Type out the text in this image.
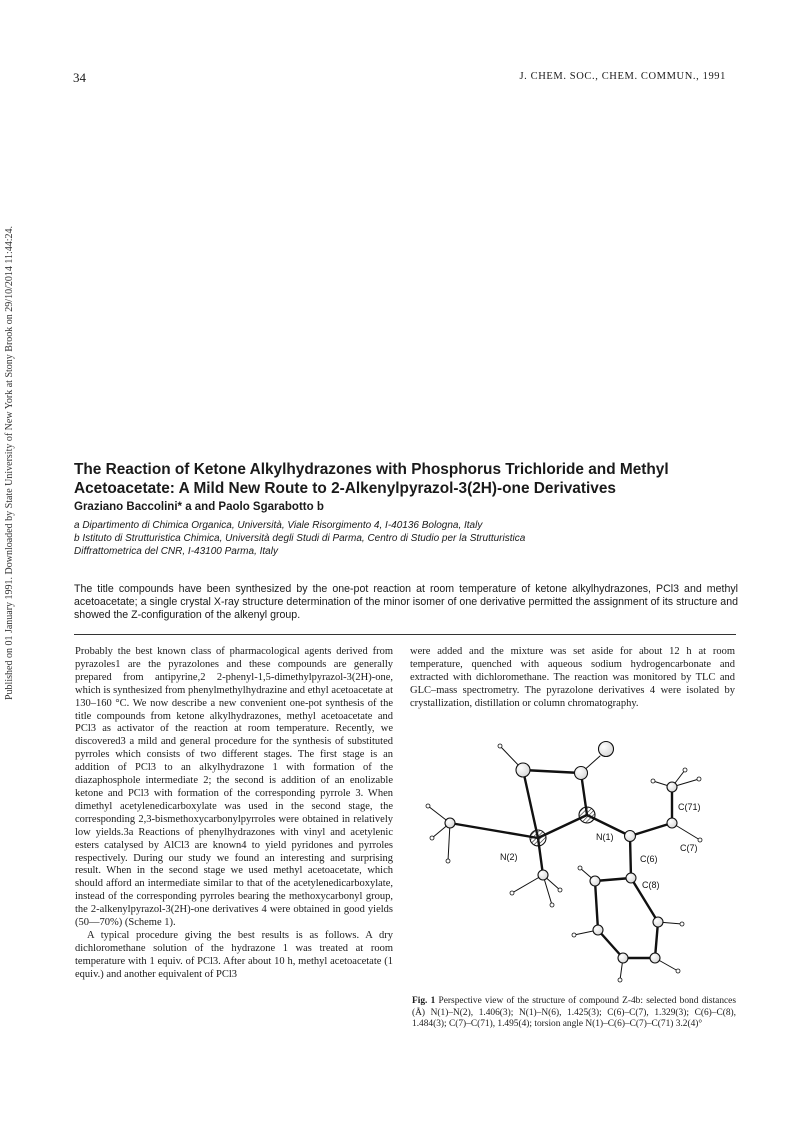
Published on 01 January 1991. Downloaded by State University of New York at Stony Brook on 29/10/2014 11:44:24.
34	J. CHEM. SOC., CHEM. COMMUN., 1991
The Reaction of Ketone Alkylhydrazones with Phosphorus Trichloride and Methyl Acetoacetate: A Mild New Route to 2-Alkenylpyrazol-3(2H)-one Derivatives
Graziano Baccolini* a and Paolo Sgarabotto b
a Dipartimento di Chimica Organica, Università, Viale Risorgimento 4, I-40136 Bologna, Italy
b Istituto di Strutturistica Chimica, Università degli Studi di Parma, Centro di Studio per la Strutturistica
Diffrattometrica del CNR, I-43100 Parma, Italy

The title compounds have been synthesized by the one-pot reaction at room temperature of ketone alkylhydrazones, PCl3 and methyl acetoacetate; a single crystal X-ray structure determination of the minor isomer of one derivative permitted the assignment of its structure and showed the Z-configuration of the alkenyl group.

Probably the best known class of pharmacological agents derived from pyrazoles1 are the pyrazolones and these compounds are generally prepared from antipyrine,2 2-phenyl-1,5-dimethylpyrazol-3(2H)-one, which is synthesized from phenylmethylhydrazine and ethyl acetoacetate at 130–160 °C. We now describe a new convenient one-pot synthesis of the title compounds from ketone alkylhydrazones, methyl acetoacetate and PCl3 as activator of the reaction at room temperature. Recently, we discovered3 a mild and general procedure for the synthesis of substituted pyrroles which consists of two different stages. The first stage is an addition of PCl3 to an alkylhydrazone 1 with formation of the diazaphosphole intermediate 2; the second is addition of an enolizable ketone and PCl3 with formation of the corresponding pyrrole 3. When dimethyl acetylenedicarboxylate was used in the second stage, the corresponding 2,3-bismethoxycarbonylpyrroles were obtained in relatively low yields.3a Reactions of phenylhydrazones with vinyl and acetylenic esters catalysed by AlCl3 are known4 to yield pyridones and pyrroles respectively. During our study we found an interesting and surprising result. When in the second stage we used methyl acetoacetate, which should afford an intermediate similar to that of the acetylenedicarboxylate, instead of the corresponding pyrroles bearing the methoxycarbonyl group, the 2-alkenylpyrazol-3(2H)-one derivatives 4 were obtained in good yields (50—70%) (Scheme 1).

A typical procedure giving the best results is as follows. A dry dichloromethane solution of the hydrazone 1 was treated at room temperature with 1 equiv. of PCl3. After about 10 h, methyl acetoacetate (1 equiv.) and another equivalent of PCl3

were added and the mixture was set aside for about 12 h at room temperature, quenched with aqueous sodium hydrogencarbonate and extracted with dichloromethane. The reaction was monitored by TLC and GLC–mass spectrometry. The pyrazolone derivatives 4 were isolated by crystallization, distillation or column chromatography.

C(71)
N(1)
C(7)
N(2)	C(6)
C(8)

Fig. 1 Perspective view of the structure of compound Z-4b: selected bond distances (Å) N(1)–N(2), 1.406(3); N(1)–N(6), 1.425(3); C(6)–C(7), 1.329(3); C(6)–C(8), 1.484(3); C(7)–C(71), 1.495(4); torsion angle N(1)–C(6)–C(7)–C(71) 3.2(4)°
